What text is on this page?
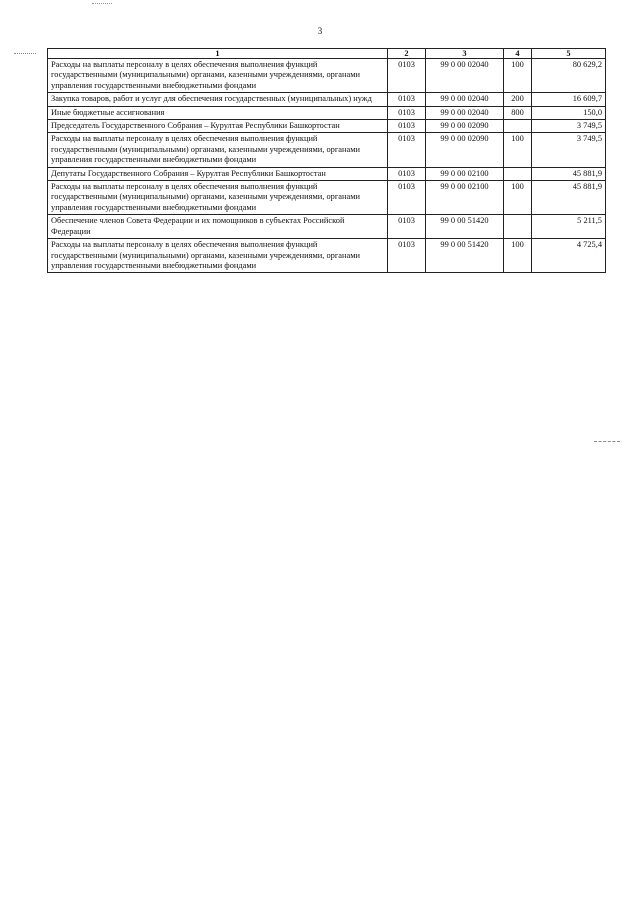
3
1	2	3	4	5
Расходы на выплаты персоналу в целях обеспечения выполнения функций государственными (муниципальными) органами, казенными учреждениями, органами управления государственными внебюджетными фондами	0103	99 0 00 02040	100	80 629,2
Закупка товаров, работ и услуг для обеспечения государственных (муниципальных) нужд	0103	99 0 00 02040	200	16 609,7
Иные бюджетные ассигнования	0103	99 0 00 02040	800	150,0
Председатель Государственного Собрания – Курултая Республики Башкортостан	0103	99 0 00 02090		3 749,5
Расходы на выплаты персоналу в целях обеспечения выполнения функций государственными (муниципальными) органами, казенными учреждениями, органами управления государственными внебюджетными фондами	0103	99 0 00 02090	100	3 749,5
Депутаты Государственного Собрания – Курултая Республики Башкортостан	0103	99 0 00 02100		45 881,9
Расходы на выплаты персоналу в целях обеспечения выполнения функций государственными (муниципальными) органами, казенными учреждениями, органами управления государственными внебюджетными фондами	0103	99 0 00 02100	100	45 881,9
Обеспечение членов Совета Федерации и их помощников в субъектах Российской Федерации	0103	99 0 00 51420		5 211,5
Расходы на выплаты персоналу в целях обеспечения выполнения функций государственными (муниципальными) органами, казенными учреждениями, органами управления государственными внебюджетными фондами	0103	99 0 00 51420	100	4 725,4
